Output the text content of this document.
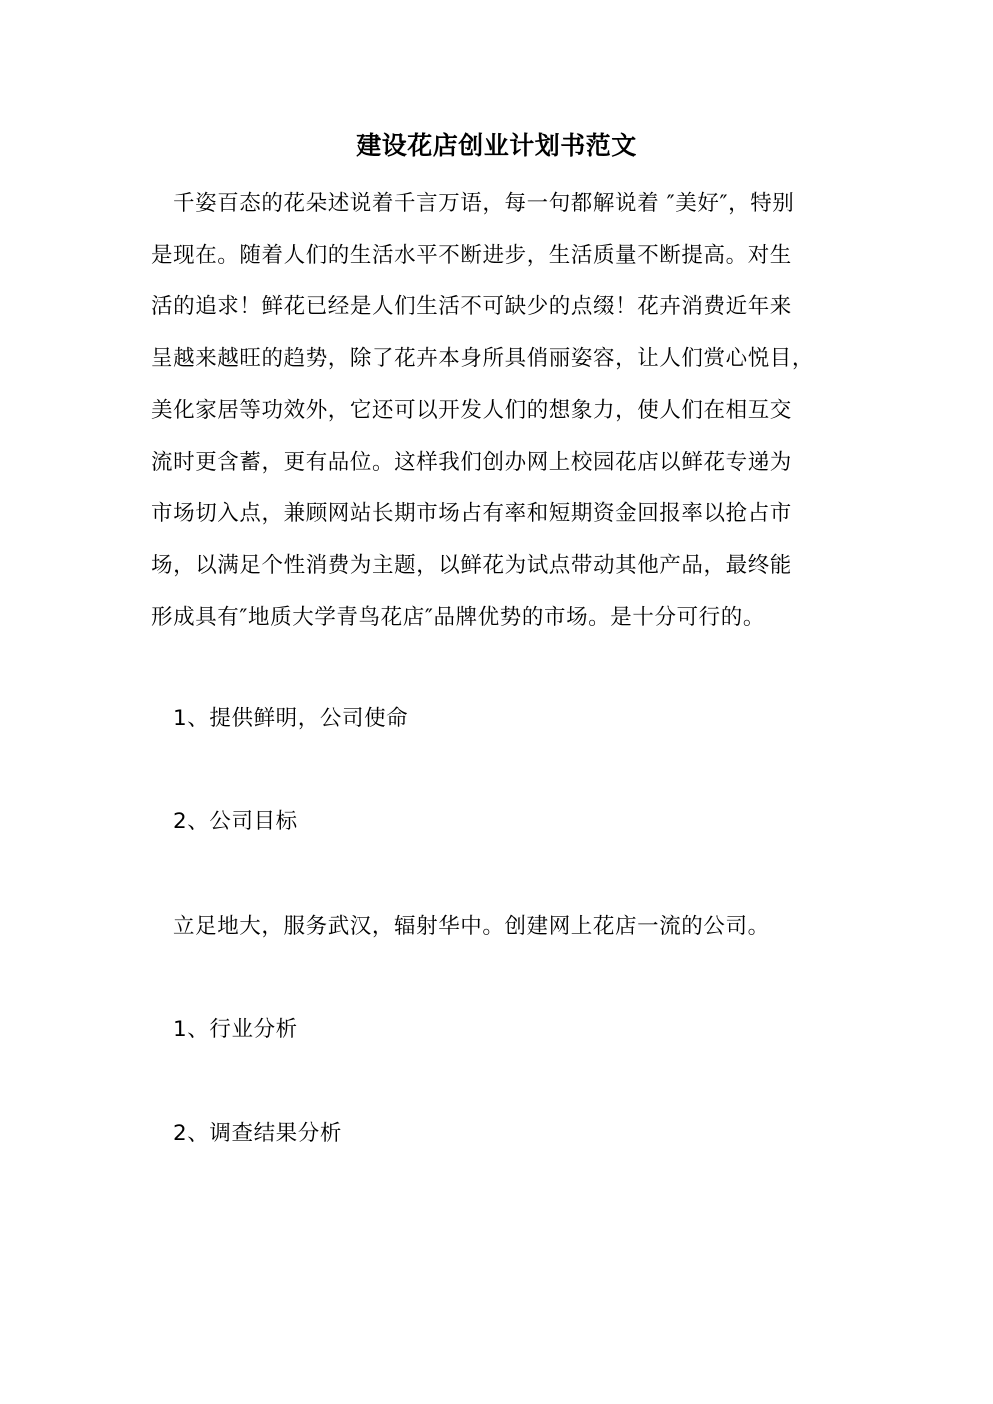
建设花店创业计划书范文
千姿百态的花朵述说着千言万语，每一句都解说着 ″美好″，特别
是现在。随着人们的生活水平不断进步，生活质量不断提高。对生
活的追求！鲜花已经是人们生活不可缺少的点缀！花卉消费近年来
呈越来越旺的趋势，除了花卉本身所具俏丽姿容，让人们赏心悦目，
美化家居等功效外，它还可以开发人们的想象力，使人们在相互交
流时更含蓄，更有品位。这样我们创办网上校园花店以鲜花专递为
市场切入点，兼顾网站长期市场占有率和短期资金回报率以抢占市
场，以满足个性消费为主题，以鲜花为试点带动其他产品，最终能
形成具有″地质大学青鸟花店″品牌优势的市场。是十分可行的。
1、提供鲜明，公司使命
2、公司目标
立足地大，服务武汉，辐射华中。创建网上花店一流的公司。
1、行业分析
2、调查结果分析
